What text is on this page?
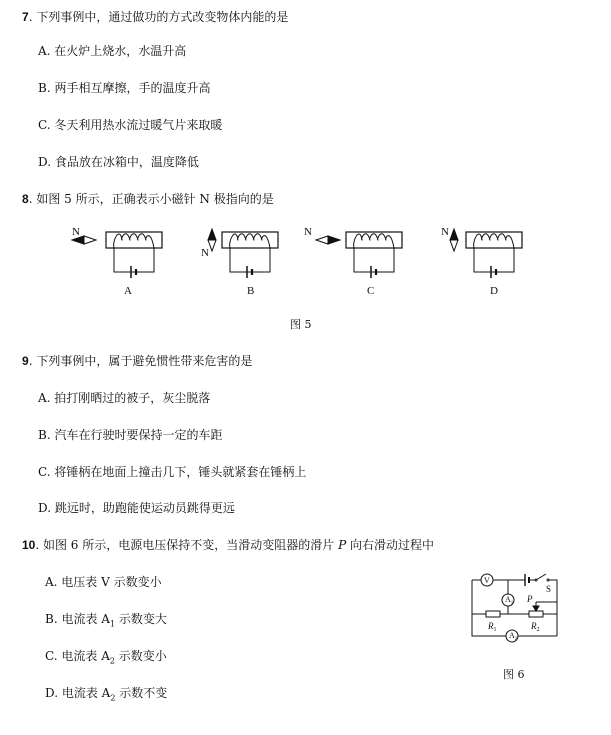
7. 下列事例中，通过做功的方式改变物体内能的是
A. 在火炉上烧水，水温升高
B. 两手相互摩擦，手的温度升高
C. 冬天利用热水流过暖气片来取暖
D. 食品放在冰箱中，温度降低
8. 如图 5 所示，正确表示小磁针 N 极指向的是
N
N
N	N
A	B	C	D
图 5
9. 下列事例中，属于避免惯性带来危害的是
A. 拍打刚晒过的被子，灰尘脱落
B. 汽车在行驶时要保持一定的车距
C. 将锤柄在地面上撞击几下，锤头就紧套在锤柄上
D. 跳远时，助跑能使运动员跳得更远
10. 如图 6 所示，电源电压保持不变，当滑动变阻器的滑片 P 向右滑动过程中
A. 电压表 V 示数变小
B. 电流表 $A_1$ 示数变大
C. 电流表 $A_2$ 示数变小
D. 电流表 $A_2$ 示数不变
V
$A_1$
$A_2$
S
P
$R_1$	$R_2$
图 6
